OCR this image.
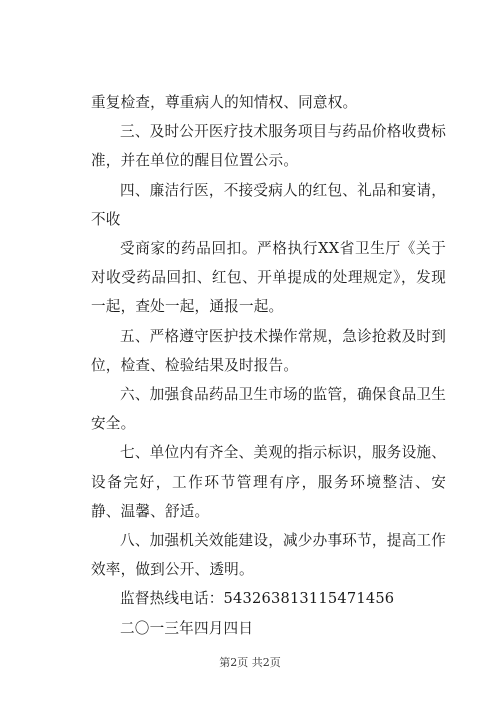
重复检查，尊重病人的知情权、同意权。

三、及时公开医疗技术服务项目与药品价格收费标准，并在单位的醒目位置公示。

四、廉洁行医，不接受病人的红包、礼品和宴请，不收

受商家的药品回扣。严格执行XX省卫生厅《关于对收受药品回扣、红包、开单提成的处理规定》，发现一起，查处一起，通报一起。

五、严格遵守医护技术操作常规，急诊抢救及时到位，检查、检验结果及时报告。

六、加强食品药品卫生市场的监管，确保食品卫生安全。

七、单位内有齐全、美观的指示标识，服务设施、设备完好，工作环节管理有序，服务环境整洁、安静、温馨、舒适。

八、加强机关效能建设，减少办事环节，提高工作效率，做到公开、透明。

监督热线电话：543263813115471456

二〇一三年四月四日

第2页 共2页
